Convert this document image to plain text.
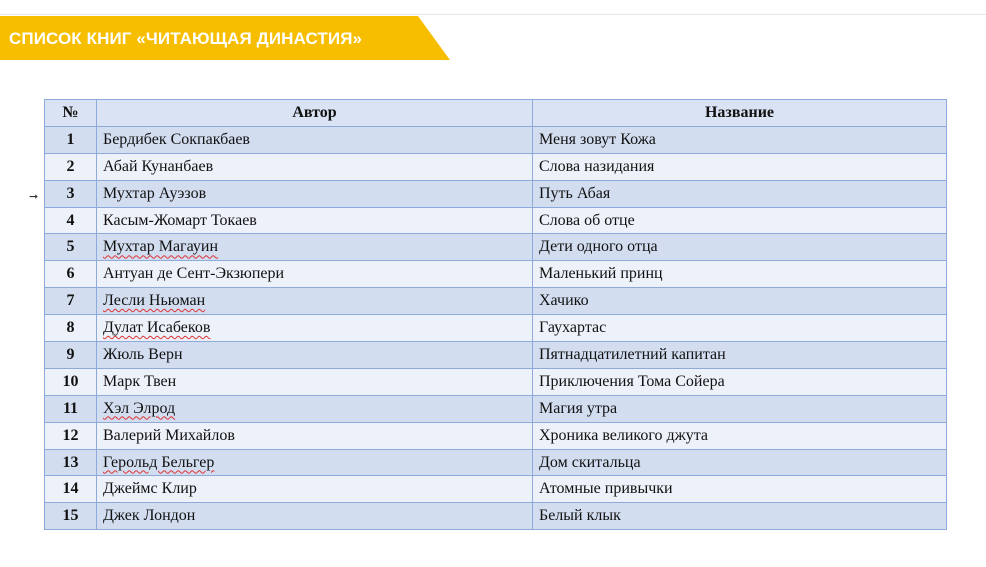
СПИСОК КНИГ «ЧИТАЮЩАЯ ДИНАСТИЯ»
➞
№	Автор	Название
1	Бердибек Сокпакбаев	Меня зовут Кожа
2	Абай Кунанбаев	Слова назидания
3	Мухтар Ауэзов	Путь Абая
4	Касым-Жомарт Токаев	Слова об отце
5	Мухтар Магауин	Дети одного отца
6	Антуан де Сент-Экзюпери	Маленький принц
7	Лесли Ньюман	Хачико
8	Дулат Исабеков	Гаухартас
9	Жюль Верн	Пятнадцатилетний капитан
10	Марк Твен	Приключения Тома Сойера
11	Хэл Элрод	Магия утра
12	Валерий Михайлов	Хроника великого джута
13	Герольд Бельгер	Дом скитальца
14	Джеймс Клир	Атомные привычки
15	Джек Лондон	Белый клык
